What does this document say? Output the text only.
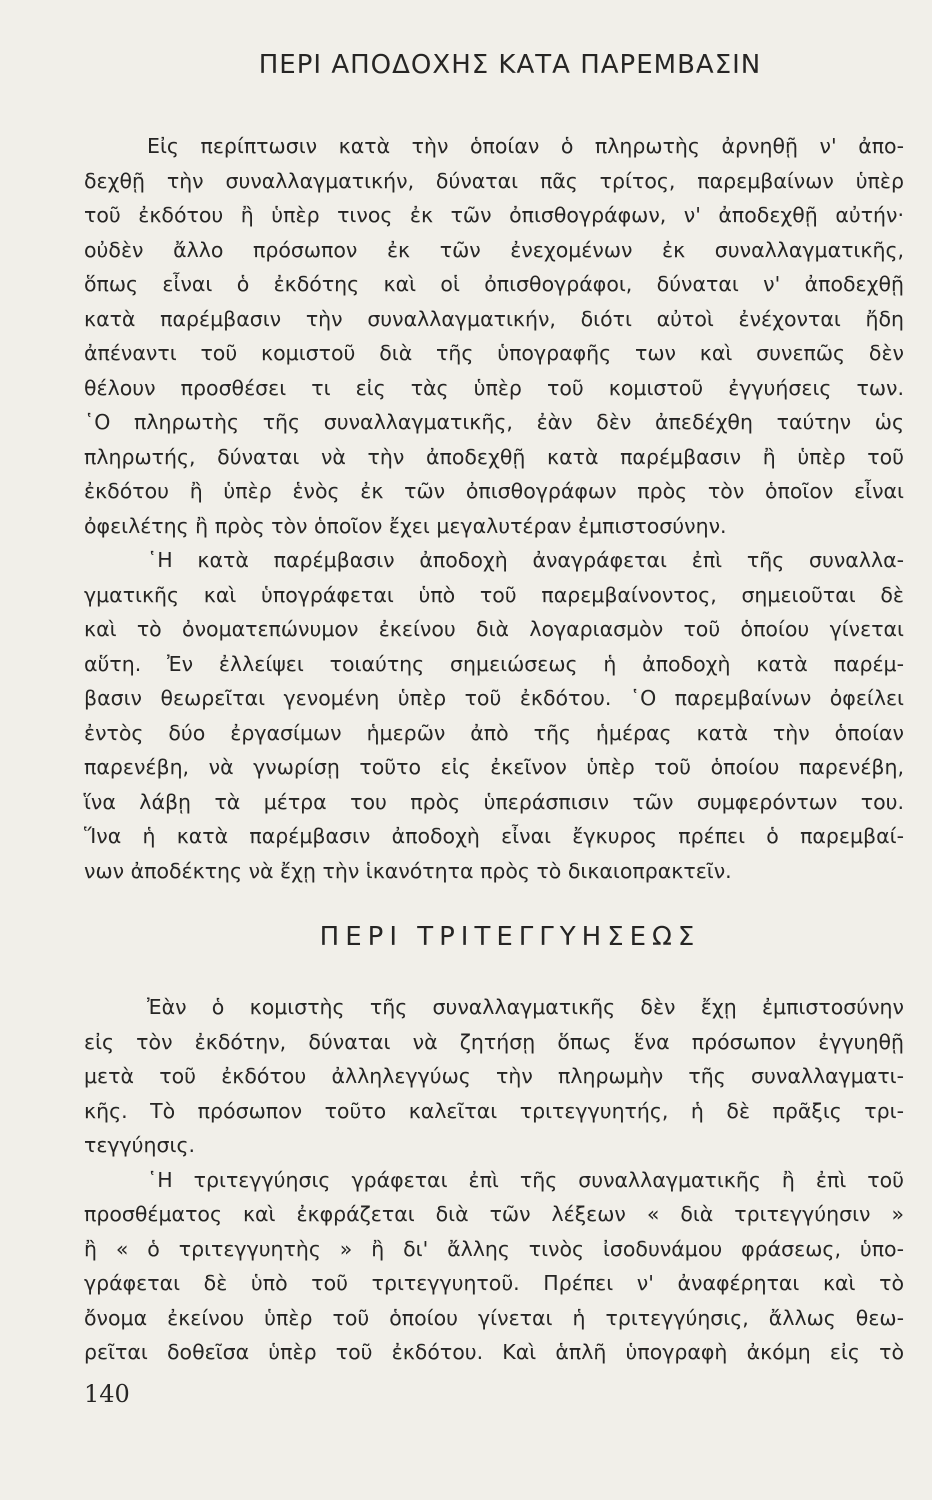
ΠΕΡΙ ΑΠΟΔΟΧΗΣ ΚΑΤΑ ΠΑΡΕΜΒΑΣΙΝ
Εἰς περίπτωσιν κατὰ τὴν ὁποίαν ὁ πληρωτὴς ἀρνηθῇ ν' ἀπο-
δεχθῇ τὴν συναλλαγματικήν, δύναται πᾶς τρίτος, παρεμβαίνων ὑπὲρ
τοῦ ἐκδότου ἢ ὑπὲρ τινος ἐκ τῶν ὀπισθογράφων, ν' ἀποδεχθῇ αὐτήν·
οὐδὲν ἄλλο πρόσωπον ἐκ τῶν ἐνεχομένων ἐκ συναλλαγματικῆς,
ὅπως εἶναι ὁ ἐκδότης καὶ οἱ ὀπισθογράφοι, δύναται ν' ἀποδεχθῇ
κατὰ παρέμβασιν τὴν συναλλαγματικήν, διότι αὐτοὶ ἐνέχονται ἤδη
ἀπέναντι τοῦ κομιστοῦ διὰ τῆς ὑπογραφῆς των καὶ συνεπῶς δὲν
θέλουν προσθέσει τι εἰς τὰς ὑπὲρ τοῦ κομιστοῦ ἐγγυήσεις των.
῾Ο πληρωτὴς τῆς συναλλαγματικῆς, ἐὰν δὲν ἀπεδέχθη ταύτην ὡς
πληρωτής, δύναται νὰ τὴν ἀποδεχθῇ κατὰ παρέμβασιν ἢ ὑπὲρ τοῦ
ἐκδότου ἢ ὑπὲρ ἑνὸς ἐκ τῶν ὀπισθογράφων πρὸς τὸν ὁποῖον εἶναι
ὀφειλέτης ἢ πρὸς τὸν ὁποῖον ἔχει μεγαλυτέραν ἐμπιστοσύνην.
῾Η κατὰ παρέμβασιν ἀποδοχὴ ἀναγράφεται ἐπὶ τῆς συναλλα-
γματικῆς καὶ ὑπογράφεται ὑπὸ τοῦ παρεμβαίνοντος, σημειοῦται δὲ
καὶ τὸ ὀνοματεπώνυμον ἐκείνου διὰ λογαριασμὸν τοῦ ὁποίου γίνεται
αὕτη. Ἐν ἐλλείψει τοιαύτης σημειώσεως ἡ ἀποδοχὴ κατὰ παρέμ-
βασιν θεωρεῖται γενομένη ὑπὲρ τοῦ ἐκδότου. ῾Ο παρεμβαίνων ὀφείλει
ἐντὸς δύο ἐργασίμων ἡμερῶν ἀπὸ τῆς ἡμέρας κατὰ τὴν ὁποίαν
παρενέβη, νὰ γνωρίσῃ τοῦτο εἰς ἐκεῖνον ὑπὲρ τοῦ ὁποίου παρενέβη,
ἵνα λάβῃ τὰ μέτρα του πρὸς ὑπεράσπισιν τῶν συμφερόντων του.
Ἵνα ἡ κατὰ παρέμβασιν ἀποδοχὴ εἶναι ἔγκυρος πρέπει ὁ παρεμβαί-
νων ἀποδέκτης νὰ ἔχῃ τὴν ἱκανότητα πρὸς τὸ δικαιοπρακτεῖν.
ΠΕΡΙ ΤΡΙΤΕΓΓΥΗΣΕΩΣ
Ἐὰν ὁ κομιστὴς τῆς συναλλαγματικῆς δὲν ἔχῃ ἐμπιστοσύνην
εἰς τὸν ἐκδότην, δύναται νὰ ζητήσῃ ὅπως ἕνα πρόσωπον ἐγγυηθῇ
μετὰ τοῦ ἐκδότου ἀλληλεγγύως τὴν πληρωμὴν τῆς συναλλαγματι-
κῆς. Τὸ πρόσωπον τοῦτο καλεῖται τριτεγγυητής, ἡ δὲ πρᾶξις τρι-
τεγγύησις.
῾Η τριτεγγύησις γράφεται ἐπὶ τῆς συναλλαγματικῆς ἢ ἐπὶ τοῦ
προσθέματος καὶ ἐκφράζεται διὰ τῶν λέξεων « διὰ τριτεγγύησιν »
ἢ « ὁ τριτεγγυητὴς » ἢ δι' ἄλλης τινὸς ἰσοδυνάμου φράσεως, ὑπο-
γράφεται δὲ ὑπὸ τοῦ τριτεγγυητοῦ. Πρέπει ν' ἀναφέρηται καὶ τὸ
ὄνομα ἐκείνου ὑπὲρ τοῦ ὁποίου γίνεται ἡ τριτεγγύησις, ἄλλως θεω-
ρεῖται δοθεῖσα ὑπὲρ τοῦ ἐκδότου. Καὶ ἁπλῆ ὑπογραφὴ ἀκόμη εἰς τὸ
140
